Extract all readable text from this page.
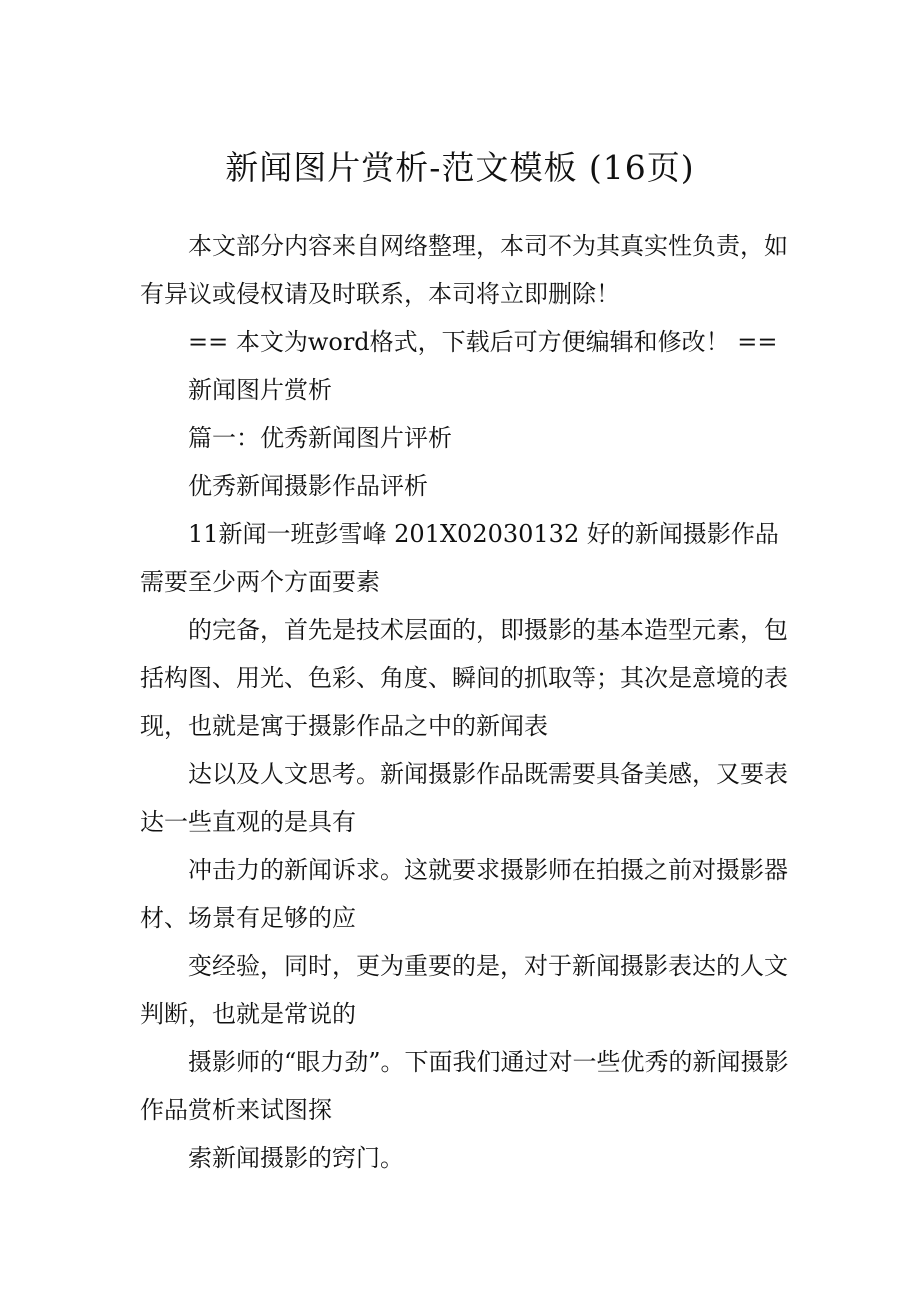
新闻图片赏析-范文模板 (16页)

本文部分内容来自网络整理，本司不为其真实性负责，如有异议或侵权请及时联系，本司将立即删除！

== 本文为word格式，下载后可方便编辑和修改！ ==

新闻图片赏析

篇一：优秀新闻图片评析

优秀新闻摄影作品评析

11新闻一班彭雪峰 201X02030132 好的新闻摄影作品需要至少两个方面要素

的完备，首先是技术层面的，即摄影的基本造型元素，包括构图、用光、色彩、角度、瞬间的抓取等；其次是意境的表现，也就是寓于摄影作品之中的新闻表

达以及人文思考。新闻摄影作品既需要具备美感，又要表达一些直观的是具有

冲击力的新闻诉求。这就要求摄影师在拍摄之前对摄影器材、场景有足够的应

变经验，同时，更为重要的是，对于新闻摄影表达的人文判断，也就是常说的

摄影师的“眼力劲”。下面我们通过对一些优秀的新闻摄影作品赏析来试图探

索新闻摄影的窍门。
